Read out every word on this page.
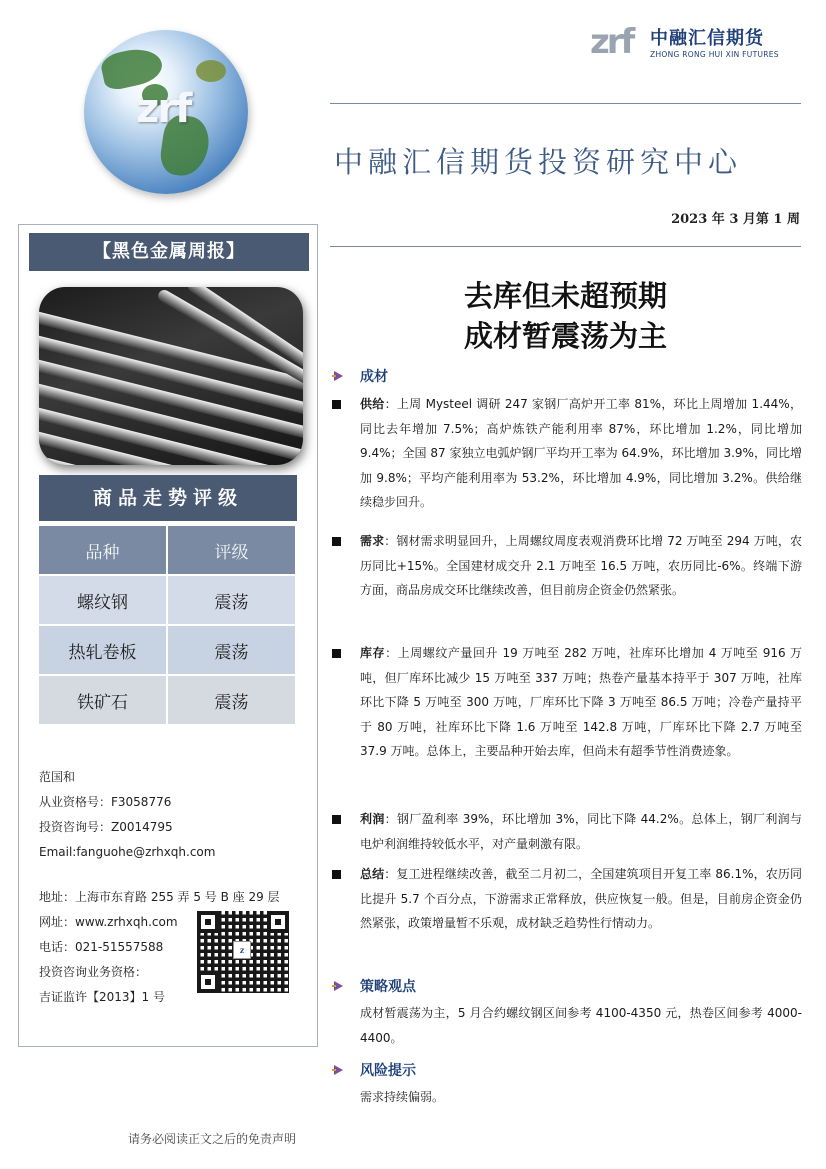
zrf
zrf 中融汇信期货
ZHONG RONG HUI XIN FUTURES
中融汇信期货投资研究中心
2023 年 3 月第 1 周
【黑色金属周报】
商品走势评级
品种	评级
螺纹钢	震荡
热轧卷板	震荡
铁矿石	震荡
范国和
从业资格号：F3058776
投资咨询号：Z0014795
Email:fanguohe@zrhxqh.com
地址：上海市东育路 255 弄 5 号 B 座 29 层
网址：www.zrhxqh.com
电话：021-51557588
投资咨询业务资格：
吉证监许【2013】1 号
z
请务必阅读正文之后的免责声明
去库但未超预期
成材暂震荡为主
成材
供给：上周 Mysteel 调研 247 家钢厂高炉开工率 81%，环比上周增加 1.44%，同比去年增加 7.5%；高炉炼铁产能利用率 87%，环比增加 1.2%，同比增加 9.4%；全国 87 家独立电弧炉钢厂平均开工率为 64.9%，环比增加 3.9%，同比增加 9.8%；平均产能利用率为 53.2%，环比增加 4.9%，同比增加 3.2%。供给继续稳步回升。
需求：钢材需求明显回升，上周螺纹周度表观消费环比增 72 万吨至 294 万吨，农历同比+15%。全国建材成交升 2.1 万吨至 16.5 万吨，农历同比-6%。终端下游方面，商品房成交环比继续改善，但目前房企资金仍然紧张。
库存：上周螺纹产量回升 19 万吨至 282 万吨，社库环比增加 4 万吨至 916 万吨，但厂库环比减少 15 万吨至 337 万吨；热卷产量基本持平于 307 万吨，社库环比下降 5 万吨至 300 万吨，厂库环比下降 3 万吨至 86.5 万吨；冷卷产量持平于 80 万吨，社库环比下降 1.6 万吨至 142.8 万吨，厂库环比下降 2.7 万吨至 37.9 万吨。总体上，主要品种开始去库，但尚未有超季节性消费迹象。
利润：钢厂盈利率 39%，环比增加 3%，同比下降 44.2%。总体上，钢厂利润与电炉利润维持较低水平，对产量刺激有限。
总结：复工进程继续改善，截至二月初二，全国建筑项目开复工率 86.1%，农历同比提升 5.7 个百分点，下游需求正常释放，供应恢复一般。但是，目前房企资金仍然紧张，政策增量暂不乐观，成材缺乏趋势性行情动力。
策略观点
成材暂震荡为主，5 月合约螺纹钢区间参考 4100-4350 元，热卷区间参考 4000-4400。
风险提示
需求持续偏弱。
